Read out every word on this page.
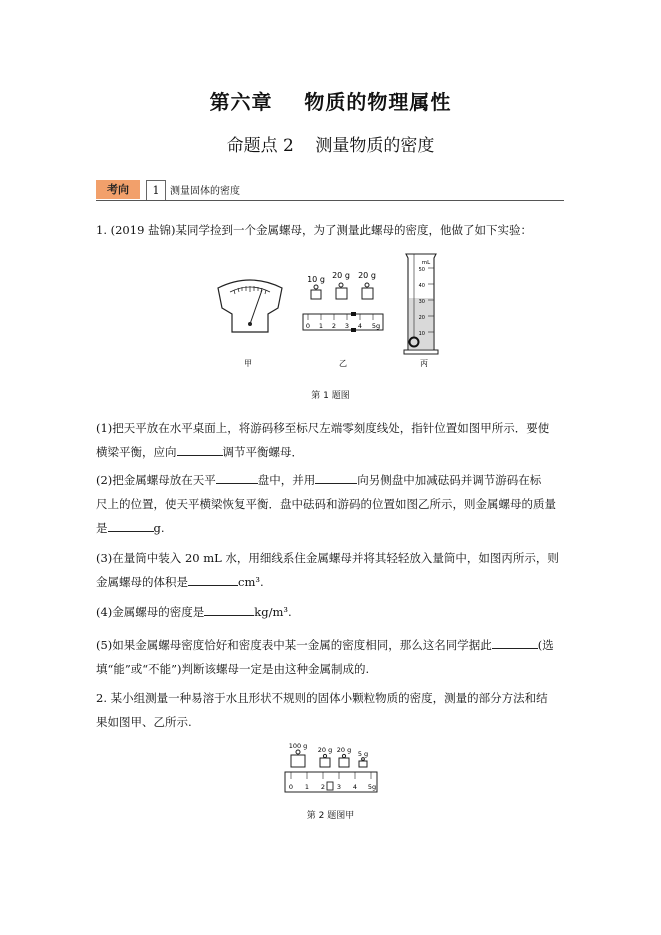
第六章    物质的物理属性
命题点 2    测量物质的密度
考向	1	测量固体的密度
1. (2019 盐锦)某同学捡到一个金属螺母，为了测量此螺母的密度，他做了如下实验：
甲
10 g 20 g 20 g
0 1 2 3 4 5g
乙
mL
50
40
30
20
10
丙
第 1 题图
(1)把天平放在水平桌面上，将游码移至标尺左端零刻度线处，指针位置如图甲所示．要使
横梁平衡，应向	调节平衡螺母．
(2)把金属螺母放在天平	盘中，并用	向另侧盘中加减砝码并调节游码在标
尺上的位置，使天平横梁恢复平衡．盘中砝码和游码的位置如图乙所示，则金属螺母的质量
是	g.
(3)在量筒中装入 20 mL 水，用细线系住金属螺母并将其轻轻放入量筒中，如图丙所示，则
金属螺母的体积是	cm³.
(4)金属螺母的密度是	kg/m³.
(5)如果金属螺母密度恰好和密度表中某一金属的密度相同，那么这名同学据此	(选
填“能”或“不能”)判断该螺母一定是由这种金属制成的.
2. 某小组测量一种易溶于水且形状不规则的固体小颗粒物质的密度，测量的部分方法和结
果如图甲、乙所示.
100 g 20 g 20 g 5 g
0 1 2 3 4 5g
第 2 题图甲
